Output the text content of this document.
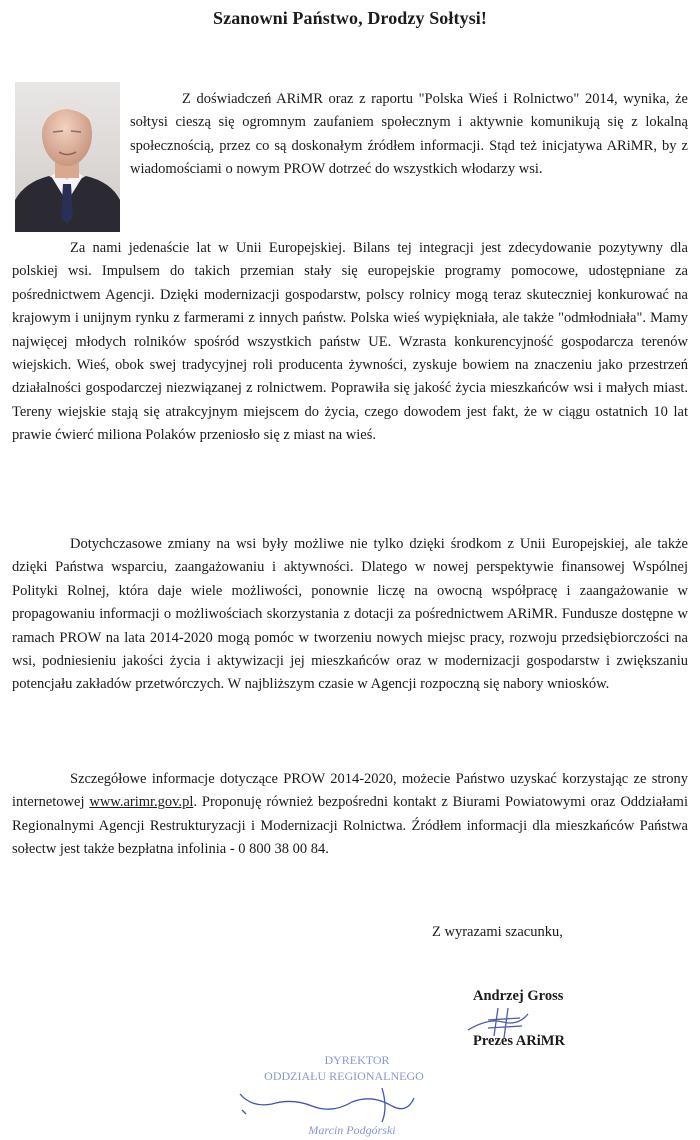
Szanowni Państwo, Drodzy Sołtysi!

Z doświadczeń ARiMR oraz z raportu "Polska Wieś i Rolnictwo" 2014, wynika, że sołtysi cieszą się ogromnym zaufaniem społecznym i aktywnie komunikują się z lokalną społecznością, przez co są doskonałym źródłem informacji. Stąd też inicjatywa ARiMR, by z wiadomościami o nowym PROW dotrzeć do wszystkich włodarzy wsi.

Za nami jedenaście lat w Unii Europejskiej. Bilans tej integracji jest zdecydowanie pozytywny dla polskiej wsi. Impulsem do takich przemian stały się europejskie programy pomocowe, udostępniane za pośrednictwem Agencji. Dzięki modernizacji gospodarstw, polscy rolnicy mogą teraz skuteczniej konkurować na krajowym i unijnym rynku z farmerami z innych państw. Polska wieś wypiękniała, ale także "odmłodniała". Mamy najwięcej młodych rolników spośród wszystkich państw UE. Wzrasta konkurencyjność gospodarcza terenów wiejskich. Wieś, obok swej tradycyjnej roli producenta żywności, zyskuje bowiem na znaczeniu jako przestrzeń działalności gospodarczej niezwiązanej z rolnictwem. Poprawiła się jakość życia mieszkańców wsi i małych miast. Tereny wiejskie stają się atrakcyjnym miejscem do życia, czego dowodem jest fakt, że w ciągu ostatnich 10 lat prawie ćwierć miliona Polaków przeniosło się z miast na wieś.

Dotychczasowe zmiany na wsi były możliwe nie tylko dzięki środkom z Unii Europejskiej, ale także dzięki Państwa wsparciu, zaangażowaniu i aktywności. Dlatego w nowej perspektywie finansowej Wspólnej Polityki Rolnej, która daje wiele możliwości, ponownie liczę na owocną współpracę i zaangażowanie w propagowaniu informacji o możliwościach skorzystania z dotacji za pośrednictwem ARiMR. Fundusze dostępne w ramach PROW na lata 2014-2020 mogą pomóc w tworzeniu nowych miejsc pracy, rozwoju przedsiębiorczości na wsi, podniesieniu jakości życia i aktywizacji jej mieszkańców oraz w modernizacji gospodarstw i zwiększaniu potencjału zakładów przetwórczych. W najbliższym czasie w Agencji rozpoczną się nabory wniosków.

Szczegółowe informacje dotyczące PROW 2014-2020, możecie Państwo uzyskać korzystając ze strony internetowej www.arimr.gov.pl. Proponuję również bezpośredni kontakt z Biurami Powiatowymi oraz Oddziałami Regionalnymi Agencji Restrukturyzacji i Modernizacji Rolnictwa. Źródłem informacji dla mieszkańców Państwa sołectw jest także bezpłatna infolinia - 0 800 38 00 84.

Z wyrazami szacunku,
Andrzej Gross
Prezes ARiMR
DYREKTOR
ODDZIAŁU REGIONALNEGO
Marcin Podgórski
